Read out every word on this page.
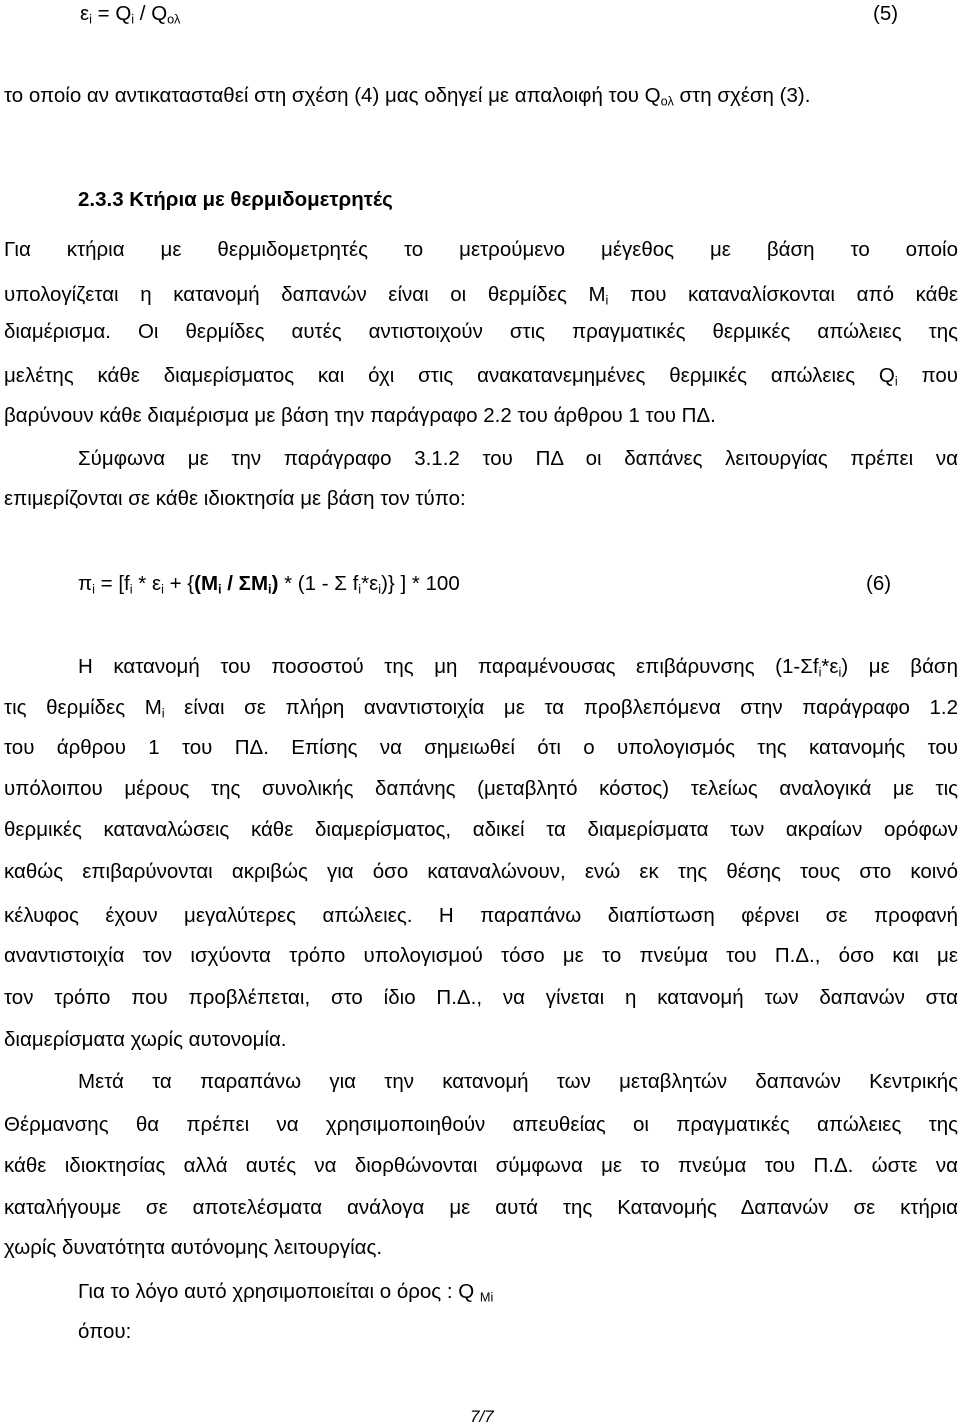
$\varepsilon_i = Q_i / Q_{o\lambda}$	(5)
το οποίο αν αντικατασταθεί στη σχέση (4) μας οδηγεί με απαλοιφή του $Q_{o\lambda}$ στη σχέση (3).
2.3.3 Κτήρια με θερμιδομετρητές
Για κτήρια με θερμιδομετρητές το μετρούμενο μέγεθος με βάση το οποίο
υπολογίζεται η κατανομή δαπανών είναι οι θερμίδες $M_i$ που καταναλίσκονται από κάθε
διαμέρισμα. Οι θερμίδες αυτές αντιστοιχούν στις πραγματικές θερμικές απώλειες της
μελέτης κάθε διαμερίσματος και όχι στις ανακατανεμημένες θερμικές απώλειες $Q_i$ που
βαρύνουν κάθε διαμέρισμα με βάση την παράγραφο 2.2 του άρθρου 1 του ΠΔ.
Σύμφωνα με την παράγραφο 3.1.2 του ΠΔ οι δαπάνες λειτουργίας πρέπει να
επιμερίζονται σε κάθε ιδιοκτησία με βάση τον τύπο:
$\pi_i = [f_i * \varepsilon_i + \{(M_i / \Sigma M_i) * (1 - \Sigma$ $f_i*\varepsilon_i$)} ] * 100	(6)
Η κατανομή του ποσοστού της μη παραμένουσας επιβάρυνσης $(1-\Sigma f_i*\varepsilon_i)$ με βάση
τις θερμίδες $M_i$ είναι σε πλήρη αναντιστοιχία με τα προβλεπόμενα στην παράγραφο 1.2
του άρθρου 1 του ΠΔ. Επίσης να σημειωθεί ότι ο υπολογισμός της κατανομής του
υπόλοιπου μέρους της συνολικής δαπάνης (μεταβλητό κόστος) τελείως αναλογικά με τις
θερμικές καταναλώσεις κάθε διαμερίσματος, αδικεί τα διαμερίσματα των ακραίων ορόφων
καθώς επιβαρύνονται ακριβώς για όσο καταναλώνουν, ενώ εκ της θέσης τους στο κοινό
κέλυφος έχουν μεγαλύτερες απώλειες. Η παραπάνω διαπίστωση φέρνει σε προφανή
αναντιστοιχία τον ισχύοντα τρόπο υπολογισμού τόσο με το πνεύμα του Π.Δ., όσο και με
τον τρόπο που προβλέπεται, στο ίδιο Π.Δ., να γίνεται η κατανομή των δαπανών στα
διαμερίσματα χωρίς αυτονομία.
Μετά τα παραπάνω για την κατανομή των μεταβλητών δαπανών Κεντρικής
Θέρμανσης θα πρέπει να χρησιμοποιηθούν απευθείας οι πραγματικές απώλειες της
κάθε ιδιοκτησίας αλλά αυτές να διορθώνονται σύμφωνα με το πνεύμα του Π.Δ. ώστε να
καταλήγουμε σε αποτελέσματα ανάλογα με αυτά της Κατανομής Δαπανών σε κτήρια
χωρίς δυνατότητα αυτόνομης λειτουργίας.
Για το λόγο αυτό χρησιμοποιείται ο όρος : Q $_{Mi}$
όπου:
7/7
